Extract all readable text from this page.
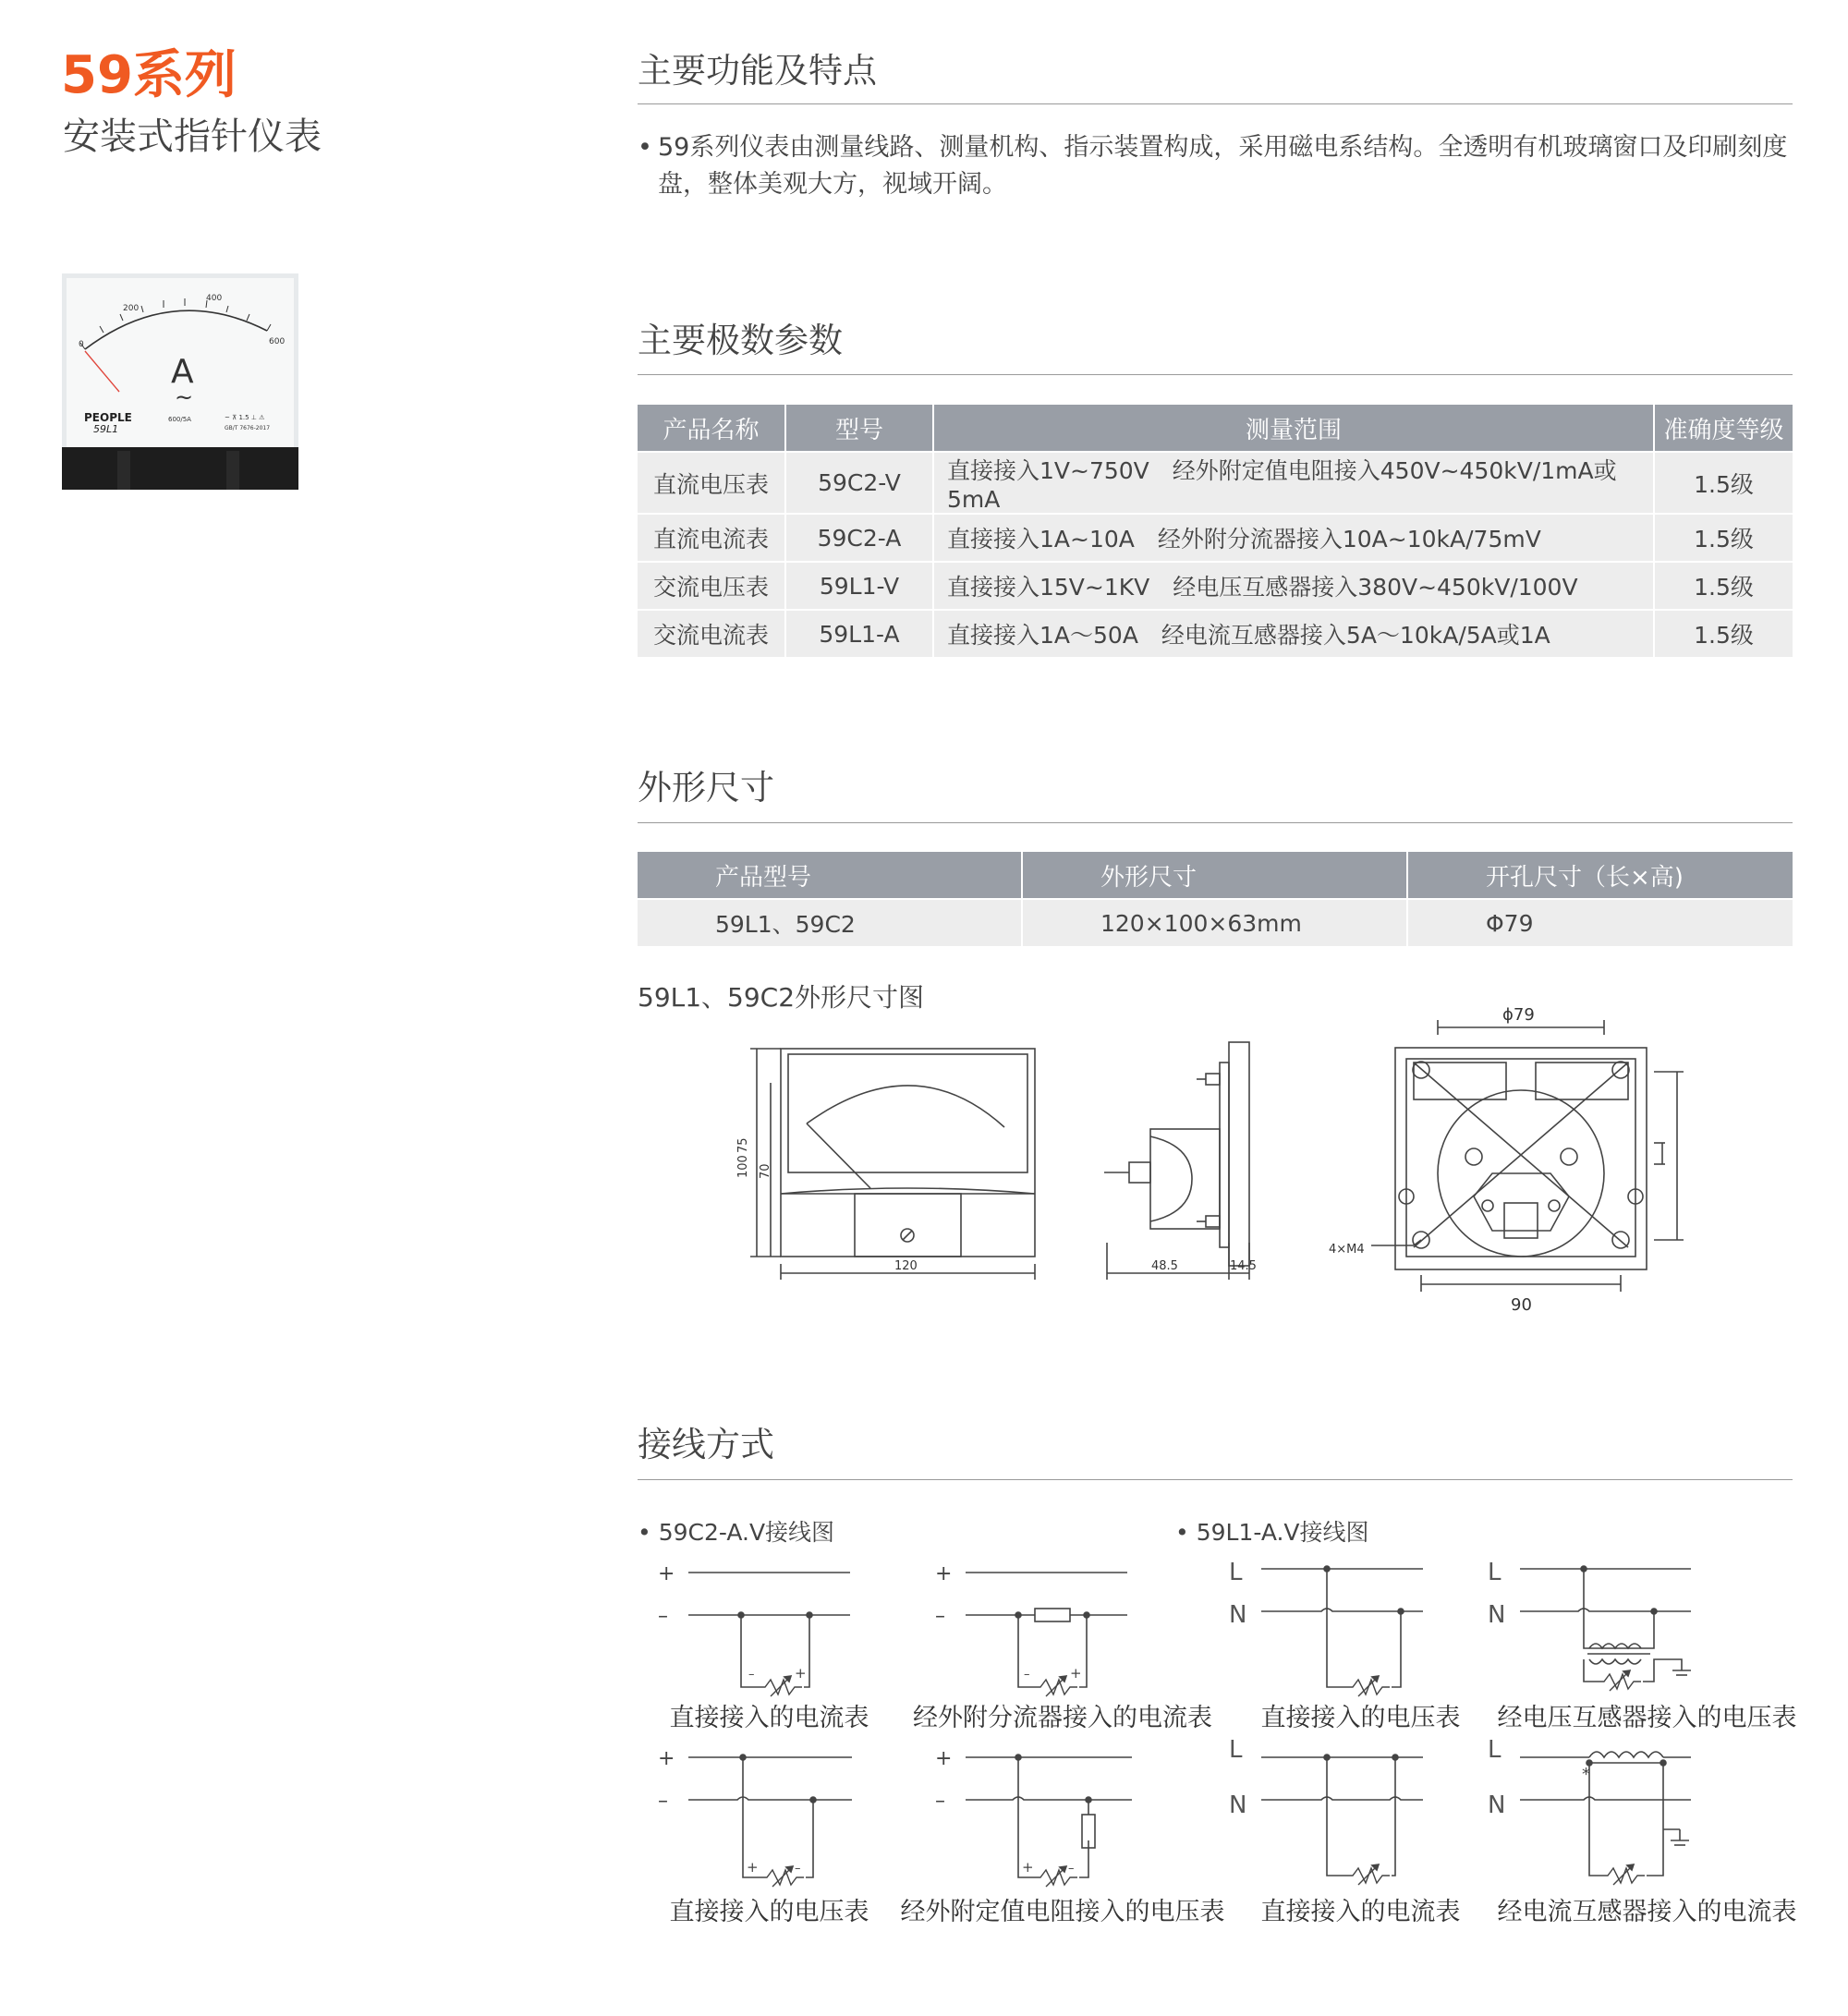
59系列
安装式指针仪表
0
200
400
600
A
~
PEOPLE
59L1
600/5A	~ ⊼ 1.5 ⊥ ⚠
GB/T 7676-2017
主要功能及特点
• 59系列仪表由测量线路、测量机构、指示装置构成，采用磁电系结构。全透明有机玻璃窗口及印刷刻度盘，整体美观大方，视域开阔。
主要极数参数
产品名称	型号	测量范围	准确度等级
直流电压表	59C2-V	直接接入1V~750V　经外附定值电阻接入450V~450kV/1mA或5mA	1.5级
直流电流表	59C2-A	直接接入1A~10A　经外附分流器接入10A~10kA/75mV	1.5级
交流电压表	59L1-V	直接接入15V~1KV　经电压互感器接入380V~450kV/100V	1.5级
交流电流表	59L1-A	直接接入1A～50A　经电流互感器接入5A～10kA/5A或1A	1.5级
外形尺寸
产品型号	外形尺寸	开孔尺寸（长×高)
59L1、59C2	120×100×63mm	Φ79
59L1、59C2外形尺寸图
100
75
70
120	48.5	14.5
ϕ79
4×M4
90
接线方式
• 59C2-A.V接线图	• 59L1-A.V接线图
+
–
–	+
+
–
–	+
L
N
L
N
+
–
+	–
+
–
+	–
L
N
L
N
*
直接接入的电流表	经外附分流器接入的电流表	直接接入的电压表	经电压互感器接入的电压表
直接接入的电压表	经外附定值电阻接入的电压表	直接接入的电流表	经电流互感器接入的电流表
